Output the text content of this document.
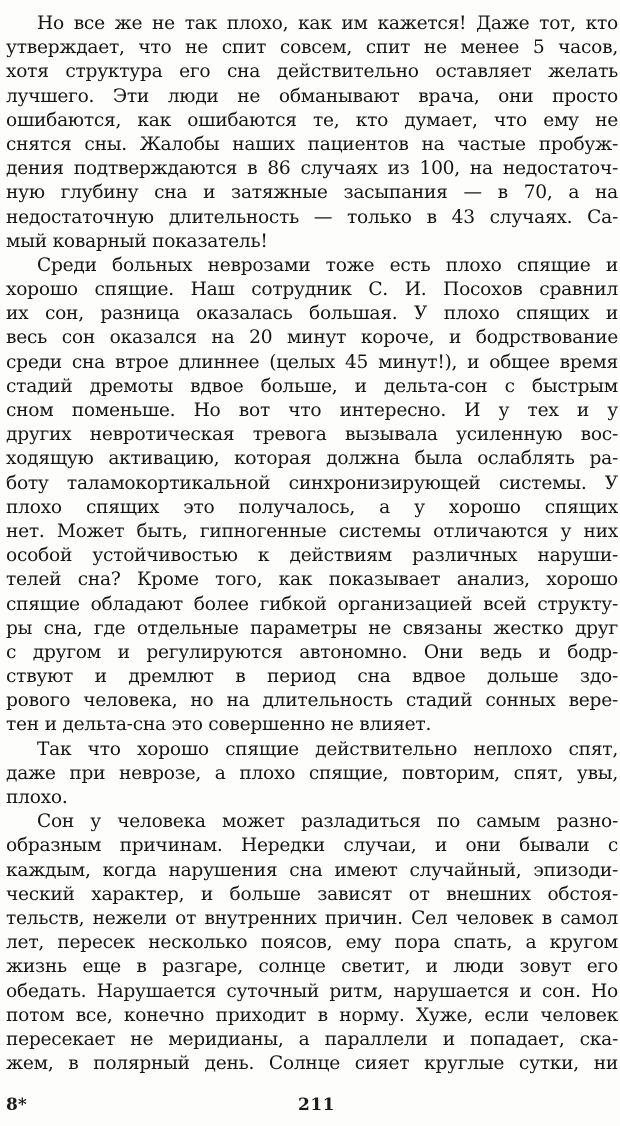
Но все же не так плохо, как им кажется! Даже тот, кто
утверждает, что не спит совсем, спит не менее 5 часов,
хотя структура его сна действительно оставляет желать
лучшего. Эти люди не обманывают врача, они просто
ошибаются, как ошибаются те, кто думает, что ему не
снятся сны. Жалобы наших пациентов на частые пробуж-
дения подтверждаются в 86 случаях из 100, на недостаточ-
ную глубину сна и затяжные засыпания — в 70, а на
недостаточную длительность — только в 43 случаях. Са-
мый коварный показатель!
Среди больных неврозами тоже есть плохо спящие и
хорошо спящие. Наш сотрудник С. И. Посохов сравнил
их сон, разница оказалась большая. У плохо спящих и
весь сон оказался на 20 минут короче, и бодрствование
среди сна втрое длиннее (целых 45 минут!), и общее время
стадий дремоты вдвое больше, и дельта-сон с быстрым
сном поменьше. Но вот что интересно. И у тех и у
других невротическая тревога вызывала усиленную вос-
ходящую активацию, которая должна была ослаблять ра-
боту таламокортикальной синхронизирующей системы. У
плохо спящих это получалось, а у хорошо спящих
нет. Может быть, гипногенные системы отличаются у них
особой устойчивостью к действиям различных наруши-
телей сна? Кроме того, как показывает анализ, хорошо
спящие обладают более гибкой организацией всей структу-
ры сна, где отдельные параметры не связаны жестко друг
с другом и регулируются автономно. Они ведь и бодр-
ствуют и дремлют в период сна вдвое дольше здо-
рового человека, но на длительность стадий сонных вере-
тен и дельта-сна это совершенно не влияет.
Так что хорошо спящие действительно неплохо спят,
даже при неврозе, а плохо спящие, повторим, спят, увы,
плохо.
Сон у человека может разладиться по самым разно-
образным причинам. Нередки случаи, и они бывали с
каждым, когда нарушения сна имеют случайный, эпизоди-
ческий характер, и больше зависят от внешних обстоя-
тельств, нежели от внутренних причин. Сел человек в самол
лет, пересек несколько поясов, ему пора спать, а кругом
жизнь еще в разгаре, солнце светит, и люди зовут его
обедать. Нарушается суточный ритм, нарушается и сон. Но
потом все, конечно приходит в норму. Хуже, если человек
пересекает не меридианы, а параллели и попадает, ска-
жем, в полярный день. Солнце сияет круглые сутки, ни
8*	211
